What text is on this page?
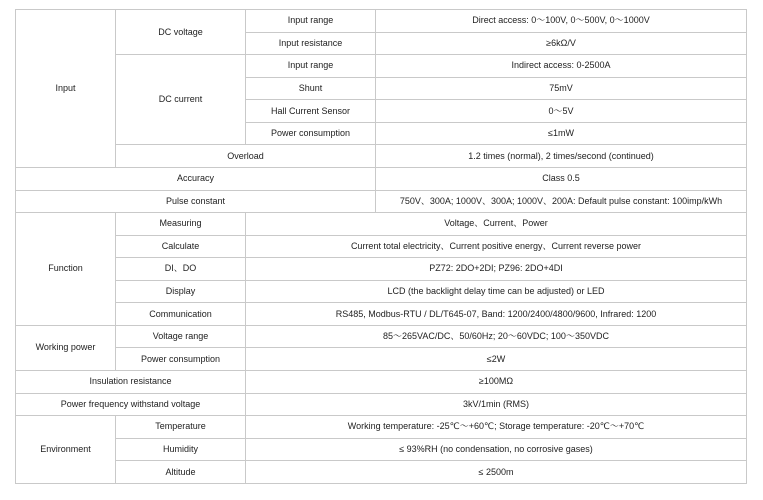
Input	DC voltage	Input range	Direct access: 0～100V, 0～500V, 0～1000V
		Input resistance	≥6kΩ/V
	DC current	Input range	Indirect access: 0-2500A
		Shunt	75mV
		Hall Current Sensor	0～5V
		Power consumption	≤1mW
	Overload		1.2 times (normal), 2 times/second (continued)
Accuracy			Class 0.5
Pulse constant			750V、300A; 1000V、300A; 1000V、200A: Default pulse constant: 100imp/kWh
Function	Measuring	Voltage、Current、Power	
	Calculate	Current total electricity、Current positive energy、Current reverse power	
	DI、DO	PZ72: 2DO+2DI; PZ96: 2DO+4DI	
	Display	LCD (the backlight delay time can be adjusted) or LED	
	Communication	RS485, Modbus-RTU / DL/T645-07, Band: 1200/2400/4800/9600, Infrared: 1200	
Working power	Voltage range	85～265VAC/DC、50/60Hz; 20～60VDC; 100～350VDC	
	Power consumption	≤2W	
Insulation resistance		≥100MΩ	
Power frequency withstand voltage		3kV/1min (RMS)	
Environment	Temperature	Working temperature: -25℃～+60℃; Storage temperature: -20℃～+70℃	
	Humidity	≤ 93%RH (no condensation, no corrosive gases)	
	Altitude	≤ 2500m	
